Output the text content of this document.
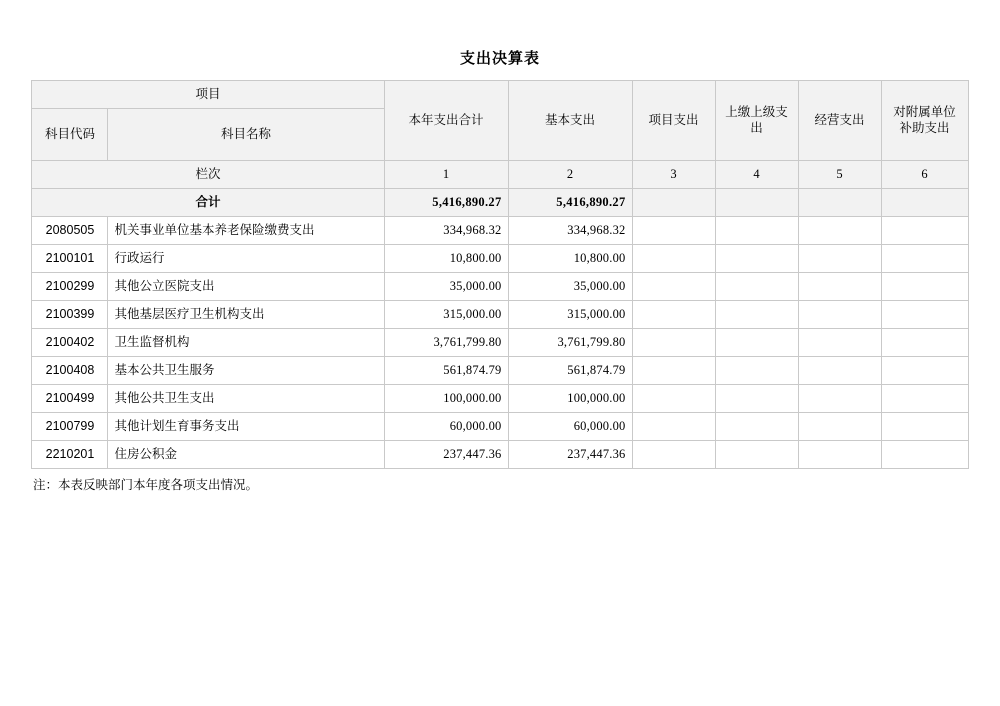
支出决算表
项目		本年支出合计	基本支出	项目支出	上缴上级支出	经营支出	对附属单位补助支出
科目代码	科目名称						
栏次		1	2	3	4	5	6
合计		5,416,890.27	5,416,890.27				
2080505	机关事业单位基本养老保险缴费支出	334,968.32	334,968.32				
2100101	行政运行	10,800.00	10,800.00				
2100299	其他公立医院支出	35,000.00	35,000.00				
2100399	其他基层医疗卫生机构支出	315,000.00	315,000.00				
2100402	卫生监督机构	3,761,799.80	3,761,799.80				
2100408	基本公共卫生服务	561,874.79	561,874.79				
2100499	其他公共卫生支出	100,000.00	100,000.00				
2100799	其他计划生育事务支出	60,000.00	60,000.00				
2210201	住房公积金	237,447.36	237,447.36				
注：本表反映部门本年度各项支出情况。
